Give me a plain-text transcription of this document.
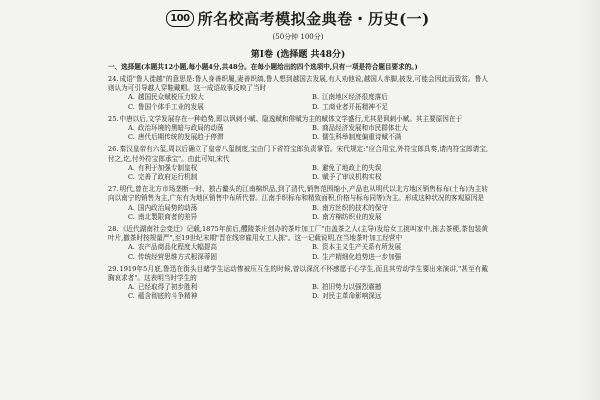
100 所名校高考模拟金典卷・历史(一)
(50分钟 100分)
第Ⅰ卷 (选择题 共48分)
一、选择题(本题共12小题,每小题4分,共48分。在每小题给出的四个选项中,只有一项是符合题目要求的。)
24.成语"鲁人徙越"的意思是:鲁人身善织履,妻善织缟,鲁人想到越国去发展,有人劝他说,越国人赤脚,披发,可能会因此而致贫。鲁人则认为可引导越人穿鞋戴帽。这一成语故事反映了当时
A. 越国民众赋税压力较大	B. 江南地区经济很度落后
C. 鲁国个体手工业的发展	D. 工商业者开拓精神不足
25.中唐以后,文学发展存在一种趋势,即以讽刺小赋、隐逸赋和俳赋为主的赋体文学盛行,尤其是讽刺小赋。其主要原因在于
A. 政治环境的黑暗与政局的动荡	B. 商品经济发展和市民群体壮大
C. 唐代后期传统的发展趋于停滞	D. 儒生科举制度偏重诗赋不满
26.秦汉皇帝有六玺,周以后确立了皇帝八玺制度,宝由门下省符宝郎负责掌管。宋代规定:"应合用宝,外符宝郎具奏,请内符宝郎请宝,付之,讫,付外符宝郎承宝"。由此可知,宋代
A. 有利于加强专制皇权	B. 避免了地政上的失误
C. 完善了政府运行机制	D. 赋予了审议机构实权
27.明代,曾在北方市场垄断一时、独占鳌头的江南棉织品,到了清代,销售范围缩小,产品也从明代以北方地区销售标布(土布)为主转向以南宁的销售为主,广东有为地区销售中布所代替。江南手织标布和精致面积,价格与标布同等)为主。形成这种状况的客观原因是
A. 国内政治局势的动荡	B. 南方丝织的技术的保守
C. 南北製限商者的差异	D. 南方棉纺织业的发展
28.《近代湖南社会变迁》记载,1875年前后,醴陵茶庄创办的茶叶加工厂"由盖茶之人(主导)发给女工挑叫家中,拣去茶梗,茶包装黄叶片,撤茶时按规量严",至19世纪末期"晋在线帘雇用女工人拣"。这一记载说明,在当地茶叶加工经营中
A. 农产品商品化程度大幅提高	B. 资本主义生产关系有所发展
C. 传统经营思维方式根深蒂固	D. 生产精细化趋势进一步加强
29.1919年5月底,鲁迅在街头目睹学生运动惨被压互生的时候,曾以深沉不怀感愿于心学生,而且其劳动学生要出来演讲,"甚至有戴胸哀求者"。这表明当时学生的
A. 已经取得了初步胜利	B. 拍旧势力以强烈震撼
C. 蕴含彻底的斗争精神	D. 对民主革命影响深远
